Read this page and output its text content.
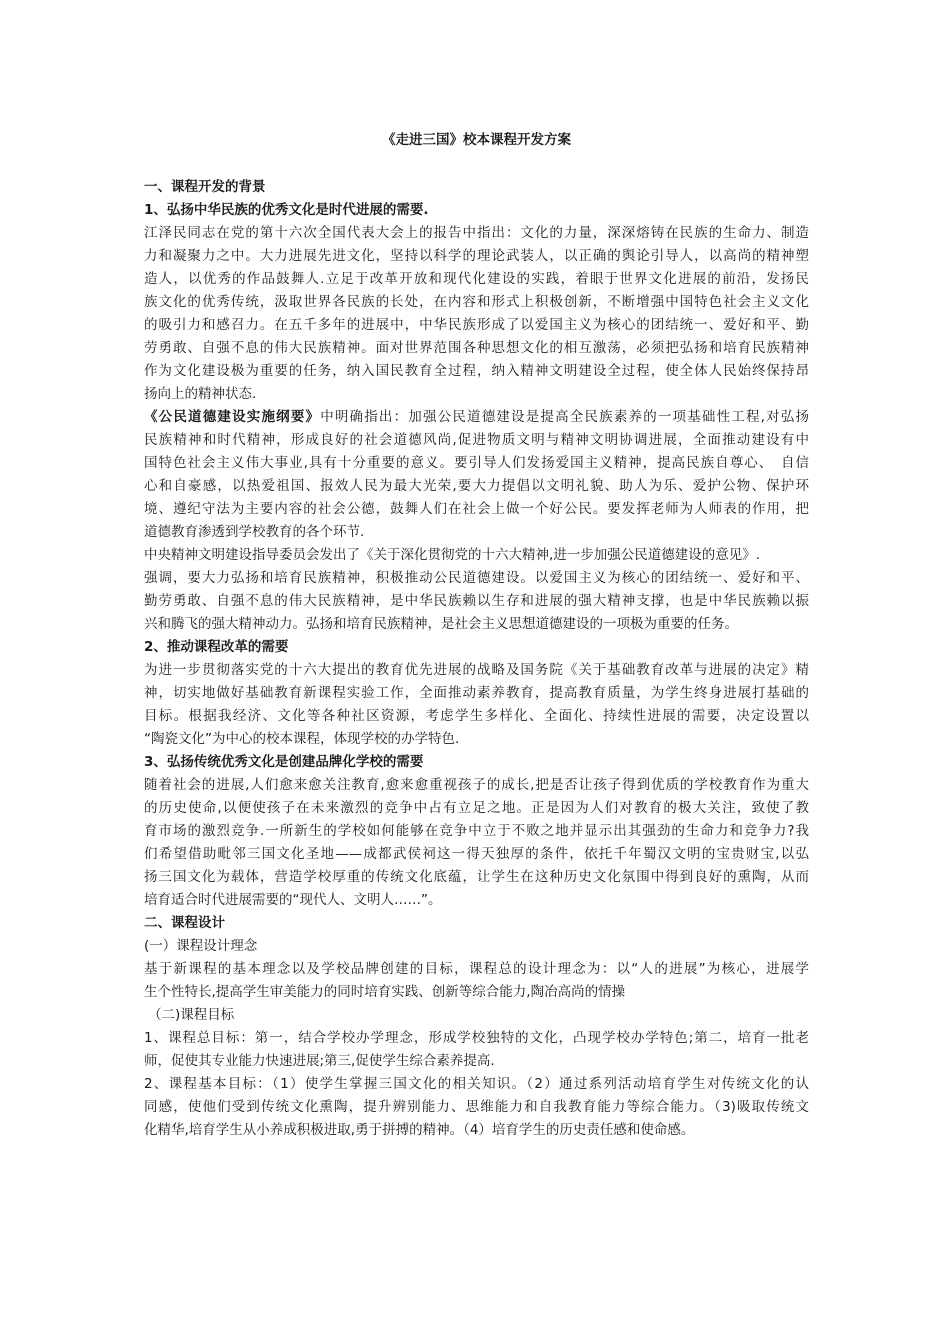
《走进三国》校本课程开发方案
一、课程开发的背景
1、弘扬中华民族的优秀文化是时代进展的需要.
江泽民同志在党的第十六次全国代表大会上的报告中指出：文化的力量，深深熔铸在民族的生命力、制造
力和凝聚力之中。大力进展先进文化，坚持以科学的理论武装人，以正确的舆论引导人，以高尚的精神塑
造人，以优秀的作品鼓舞人.立足于改革开放和现代化建设的实践，着眼于世界文化进展的前沿，发扬民
族文化的优秀传统，汲取世界各民族的长处，在内容和形式上积极创新，不断增强中国特色社会主义文化
的吸引力和感召力。在五千多年的进展中，中华民族形成了以爱国主义为核心的团结统一、爱好和平、勤
劳勇敢、自强不息的伟大民族精神。面对世界范围各种思想文化的相互激荡，必须把弘扬和培育民族精神
作为文化建设极为重要的任务，纳入国民教育全过程，纳入精神文明建设全过程，使全体人民始终保持昂
扬向上的精神状态.
《公民道德建设实施纲要》中明确指出：加强公民道德建设是提高全民族素养的一项基础性工程,对弘扬
民族精神和时代精神，形成良好的社会道德风尚,促进物质文明与精神文明协调进展，全面推动建设有中
国特色社会主义伟大事业,具有十分重要的意义。要引导人们发扬爱国主义精神，提高民族自尊心、　自信
心和自豪感，以热爱祖国、报效人民为最大光荣,要大力提倡以文明礼貌、助人为乐、爱护公物、保护环
境、遵纪守法为主要内容的社会公德，鼓舞人们在社会上做一个好公民。要发挥老师为人师表的作用，把
道德教育渗透到学校教育的各个环节.
中央精神文明建设指导委员会发出了《关于深化贯彻党的十六大精神,进一步加强公民道德建设的意见》.
强调，要大力弘扬和培育民族精神，积极推动公民道德建设。以爱国主义为核心的团结统一、爱好和平、
勤劳勇敢、自强不息的伟大民族精神，是中华民族赖以生存和进展的强大精神支撑，也是中华民族赖以振
兴和腾飞的强大精神动力。弘扬和培育民族精神，是社会主义思想道德建设的一项极为重要的任务。
2、推动课程改革的需要
为进一步贯彻落实党的十六大提出的教育优先进展的战略及国务院《关于基础教育改革与进展的决定》精
神，切实地做好基础教育新课程实验工作，全面推动素养教育，提高教育质量，为学生终身进展打基础的
目标。根据我经济、文化等各种社区资源，考虑学生多样化、全面化、持续性进展的需要，决定设置以
“陶瓷文化”为中心的校本课程，体现学校的办学特色.
3、弘扬传统优秀文化是创建品牌化学校的需要
随着社会的进展,人们愈来愈关注教育,愈来愈重视孩子的成长,把是否让孩子得到优质的学校教育作为重大
的历史使命,以便使孩子在未来激烈的竞争中占有立足之地。正是因为人们对教育的极大关注，致使了教
育市场的激烈竞争.一所新生的学校如何能够在竞争中立于不败之地并显示出其强劲的生命力和竞争力?我
们希望借助毗邻三国文化圣地——成都武侯祠这一得天独厚的条件，依托千年蜀汉文明的宝贵财宝,以弘
扬三国文化为载体，营造学校厚重的传统文化底蕴，让学生在这种历史文化氛围中得到良好的熏陶，从而
培育适合时代进展需要的“现代人、文明人……”。
二、课程设计
(一）课程设计理念
基于新课程的基本理念以及学校品牌创建的目标，课程总的设计理念为：以“人的进展”为核心，进展学
生个性特长,提高学生审美能力的同时培育实践、创新等综合能力,陶冶高尚的情操
（二)课程目标
1、课程总目标：第一，结合学校办学理念，形成学校独特的文化，凸现学校办学特色;第二，培育一批老
师，促使其专业能力快速进展;第三,促使学生综合素养提高.
2、课程基本目标：（1）使学生掌握三国文化的相关知识。（2）通过系列活动培育学生对传统文化的认
同感，使他们受到传统文化熏陶，提升辨别能力、思维能力和自我教育能力等综合能力。（3)吸取传统文
化精华,培育学生从小养成积极进取,勇于拼搏的精神。（4）培育学生的历史责任感和使命感。
